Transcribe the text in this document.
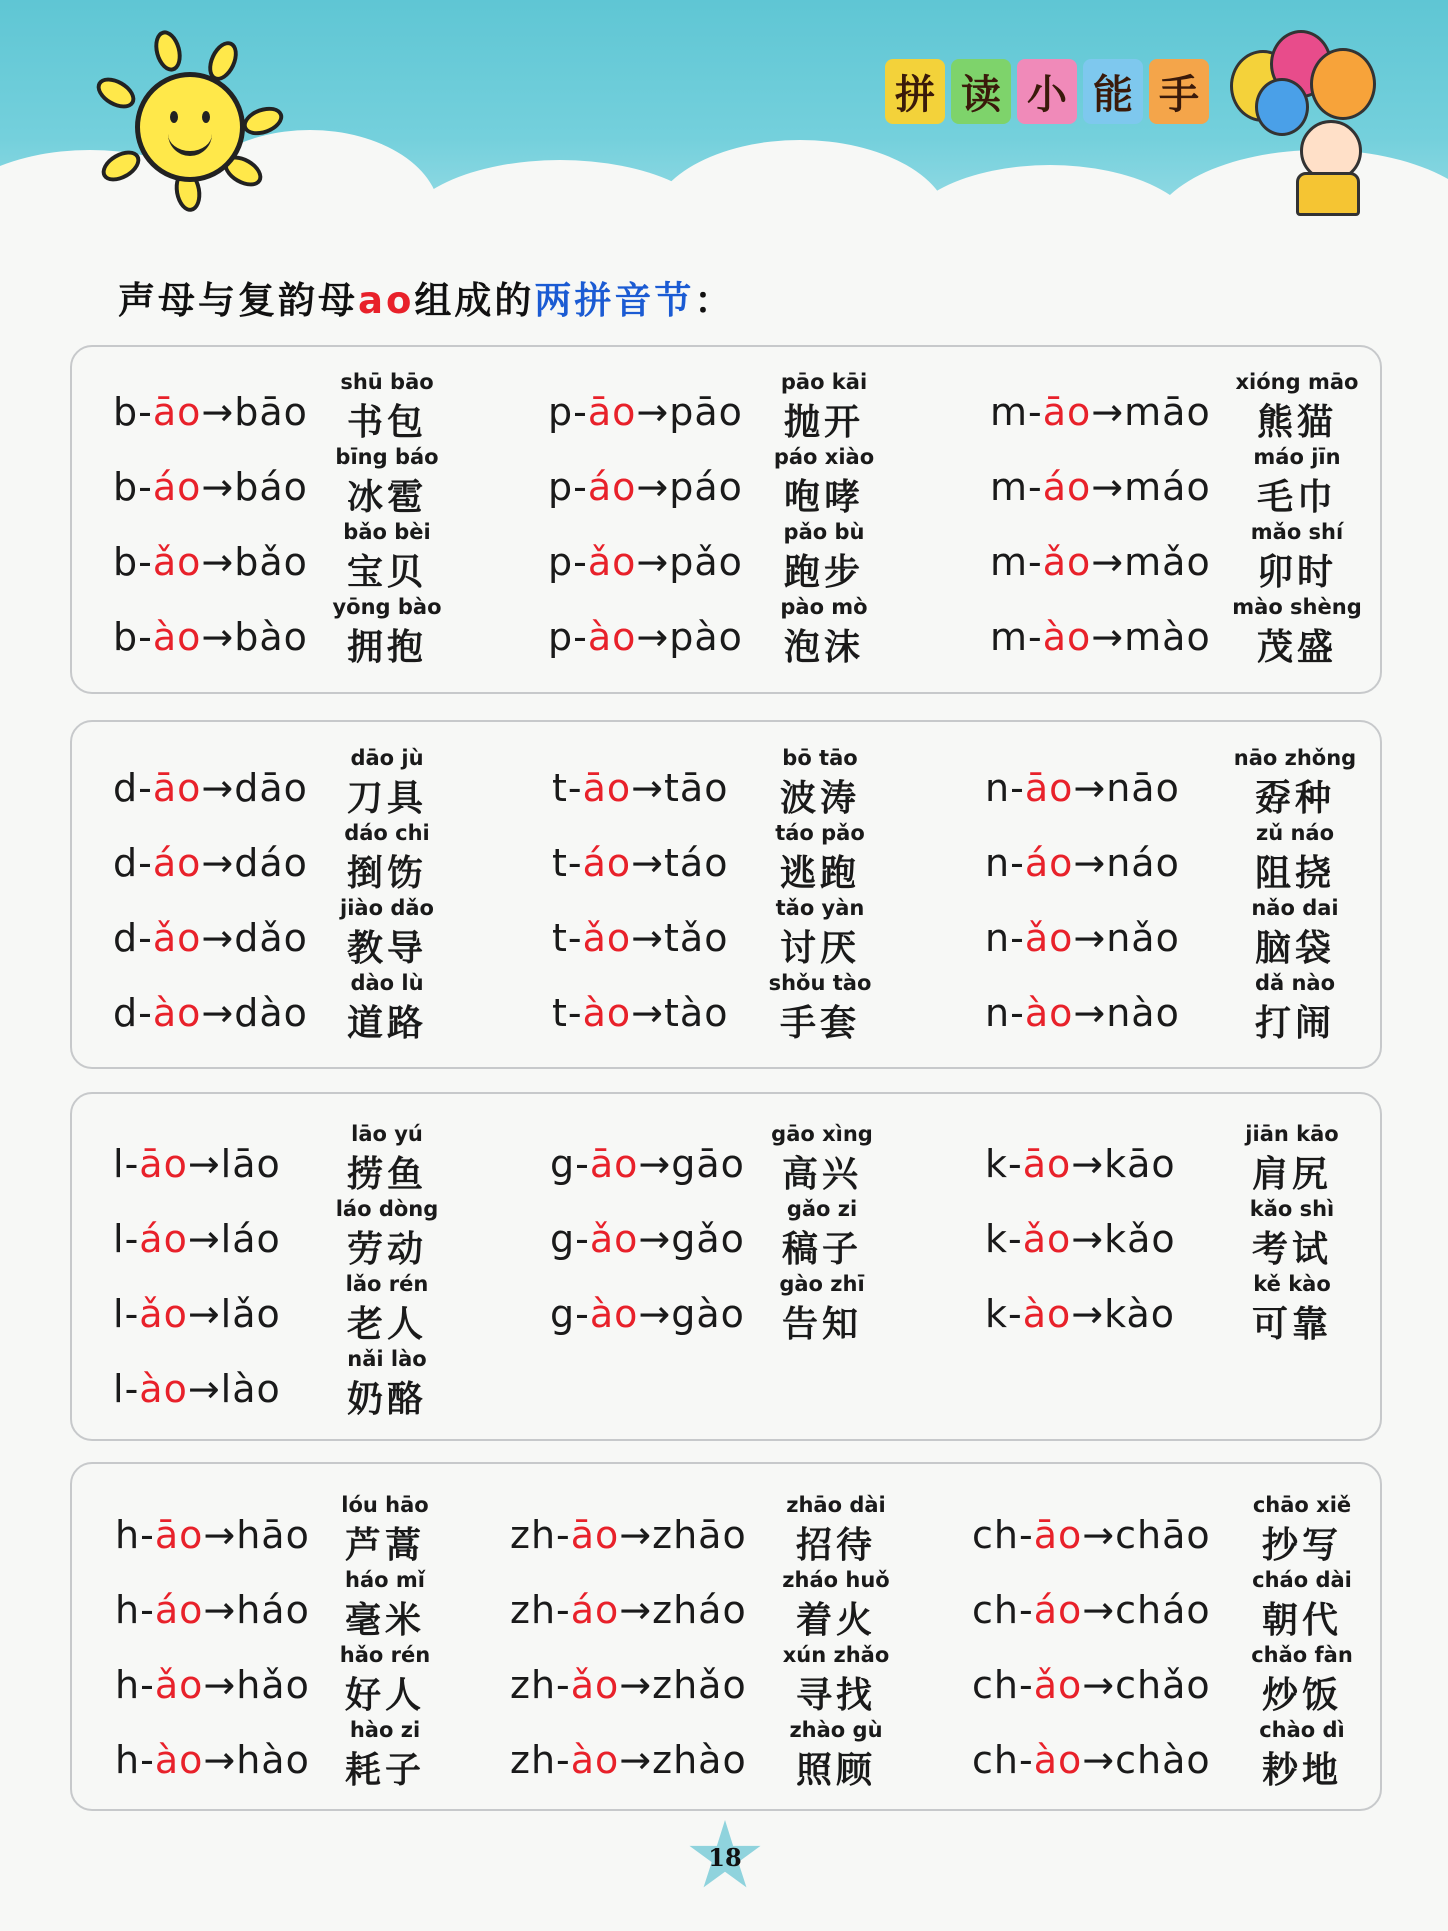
拼 读 小 能 手
声母与复韵母ao组成的两拼音节：
b-āo→bāo
shū bāo
书包
b-áo→báo
bīng báo
冰雹
b-ǎo→bǎo
bǎo bèi
宝贝
b-ào→bào
yōng bào
拥抱
p-āo→pāo
pāo kāi
抛开
p-áo→páo
páo xiào
咆哮
p-ǎo→pǎo
pǎo bù
跑步
p-ào→pào
pào mò
泡沫
m-āo→māo
xióng māo
熊猫
m-áo→máo
máo jīn
毛巾
m-ǎo→mǎo
mǎo shí
卯时
m-ào→mào
mào shèng
茂盛
d-āo→dāo
dāo jù
刀具
d-áo→dáo
dáo chi
捯饬
d-ǎo→dǎo
jiào dǎo
教导
d-ào→dào
dào lù
道路
t-āo→tāo
bō tāo
波涛
t-áo→táo
táo pǎo
逃跑
t-ǎo→tǎo
tǎo yàn
讨厌
t-ào→tào
shǒu tào
手套
n-āo→nāo
nāo zhǒng
孬种
n-áo→náo
zǔ náo
阻挠
n-ǎo→nǎo
nǎo dai
脑袋
n-ào→nào
dǎ nào
打闹
l-āo→lāo
lāo yú
捞鱼
l-áo→láo
láo dòng
劳动
l-ǎo→lǎo
lǎo rén
老人
l-ào→lào
nǎi lào
奶酪
g-āo→gāo
gāo xìng
高兴
g-ǎo→gǎo
gǎo zi
稿子
g-ào→gào
gào zhī
告知
k-āo→kāo
jiān kāo
肩尻
k-ǎo→kǎo
kǎo shì
考试
k-ào→kào
kě kào
可靠
h-āo→hāo
lóu hāo
芦蒿
h-áo→háo
háo mǐ
毫米
h-ǎo→hǎo
hǎo rén
好人
h-ào→hào
hào zi
耗子
zh-āo→zhāo
zhāo dài
招待
zh-áo→zháo
zháo huǒ
着火
zh-ǎo→zhǎo
xún zhǎo
寻找
zh-ào→zhào
zhào gù
照顾
ch-āo→chāo
chāo xiě
抄写
ch-áo→cháo
cháo dài
朝代
ch-ǎo→chǎo
chǎo fàn
炒饭
ch-ào→chào
chào dì
耖地
18
